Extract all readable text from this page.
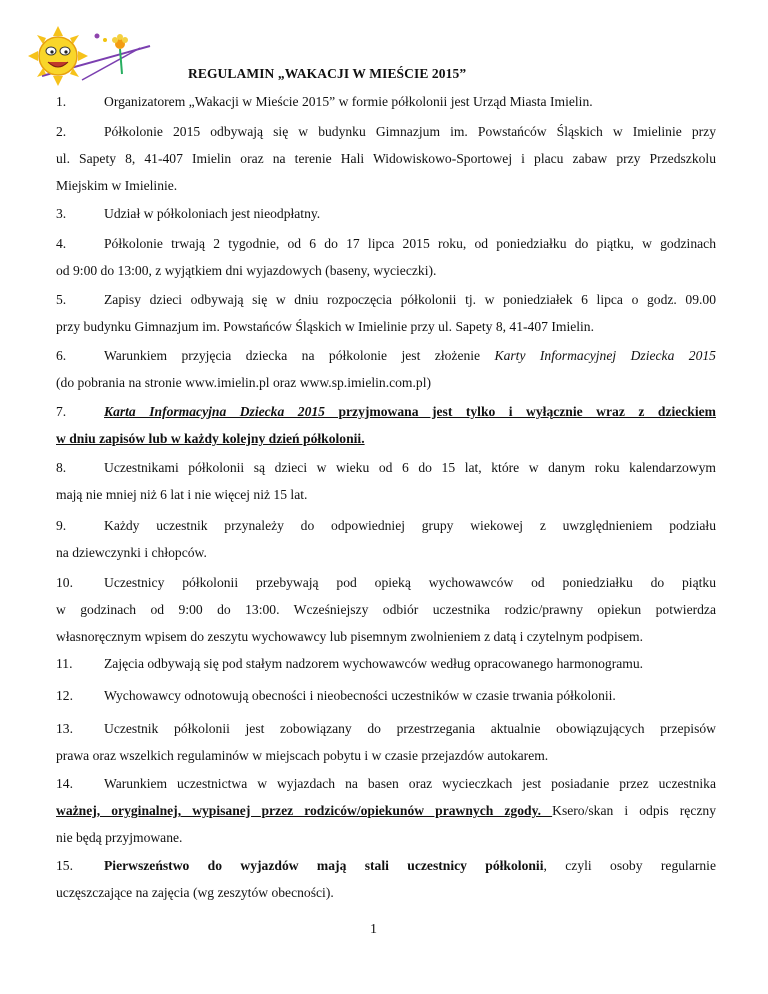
REGULAMIN „WAKACJI W MIEŚCIE 2015”
1.	Organizatorem „Wakacji w Mieście 2015” w formie półkolonii jest Urząd Miasta Imielin.
2.	Półkolonie 2015 odbywają się w budynku Gimnazjum im. Powstańców Śląskich w Imielinie przy
ul. Sapety 8, 41-407 Imielin oraz na terenie Hali Widowiskowo-Sportowej i placu zabaw przy Przedszkolu
Miejskim w Imielinie.
3.	Udział w półkoloniach jest nieodpłatny.
4.	Półkolonie trwają 2 tygodnie, od 6 do 17 lipca 2015 roku, od poniedziałku do piątku, w godzinach
od 9:00 do 13:00, z wyjątkiem dni wyjazdowych (baseny, wycieczki).
5.	Zapisy dzieci odbywają się w dniu rozpoczęcia półkolonii tj. w poniedziałek 6 lipca o godz. 09.00
przy budynku Gimnazjum im. Powstańców Śląskich w Imielinie przy ul. Sapety 8, 41-407 Imielin.
6.	Warunkiem przyjęcia dziecka na półkolonie jest złożenie Karty Informacyjnej Dziecka 2015
(do pobrania na stronie www.imielin.pl oraz www.sp.imielin.com.pl)
7.	Karta Informacyjna Dziecka 2015 przyjmowana jest tylko i wyłącznie wraz z dzieckiem
w dniu zapisów lub w każdy kolejny dzień półkolonii.
8.	Uczestnikami półkolonii są dzieci w wieku od 6 do 15 lat, które w danym roku kalendarzowym
mają nie mniej niż 6 lat i nie więcej niż 15 lat.
9.	Każdy uczestnik przynależy do odpowiedniej grupy wiekowej z uwzględnieniem podziału
na dziewczynki i chłopców.
10.	Uczestnicy półkolonii przebywają pod opieką wychowawców od poniedziałku do piątku
w godzinach od 9:00 do 13:00. Wcześniejszy odbiór uczestnika rodzic/prawny opiekun potwierdza
własnoręcznym wpisem do zeszytu wychowawcy lub pisemnym zwolnieniem z datą i czytelnym podpisem.
11.	Zajęcia odbywają się pod stałym nadzorem wychowawców według opracowanego harmonogramu.
12.	Wychowawcy odnotowują obecności i nieobecności uczestników w czasie trwania półkolonii.
13.	Uczestnik półkolonii jest zobowiązany do przestrzegania aktualnie obowiązujących przepisów
prawa oraz wszelkich regulaminów w miejscach pobytu i w czasie przejazdów autokarem.
14.	Warunkiem uczestnictwa w wyjazdach na basen oraz wycieczkach jest posiadanie przez uczestnika
ważnej, oryginalnej, wypisanej przez rodziców/opiekunów prawnych zgody. Ksero/skan i odpis ręczny
nie będą przyjmowane.
15.	Pierwszeństwo do wyjazdów mają stali uczestnicy półkolonii, czyli osoby regularnie
uczęszczające na zajęcia (wg zeszytów obecności).
1
